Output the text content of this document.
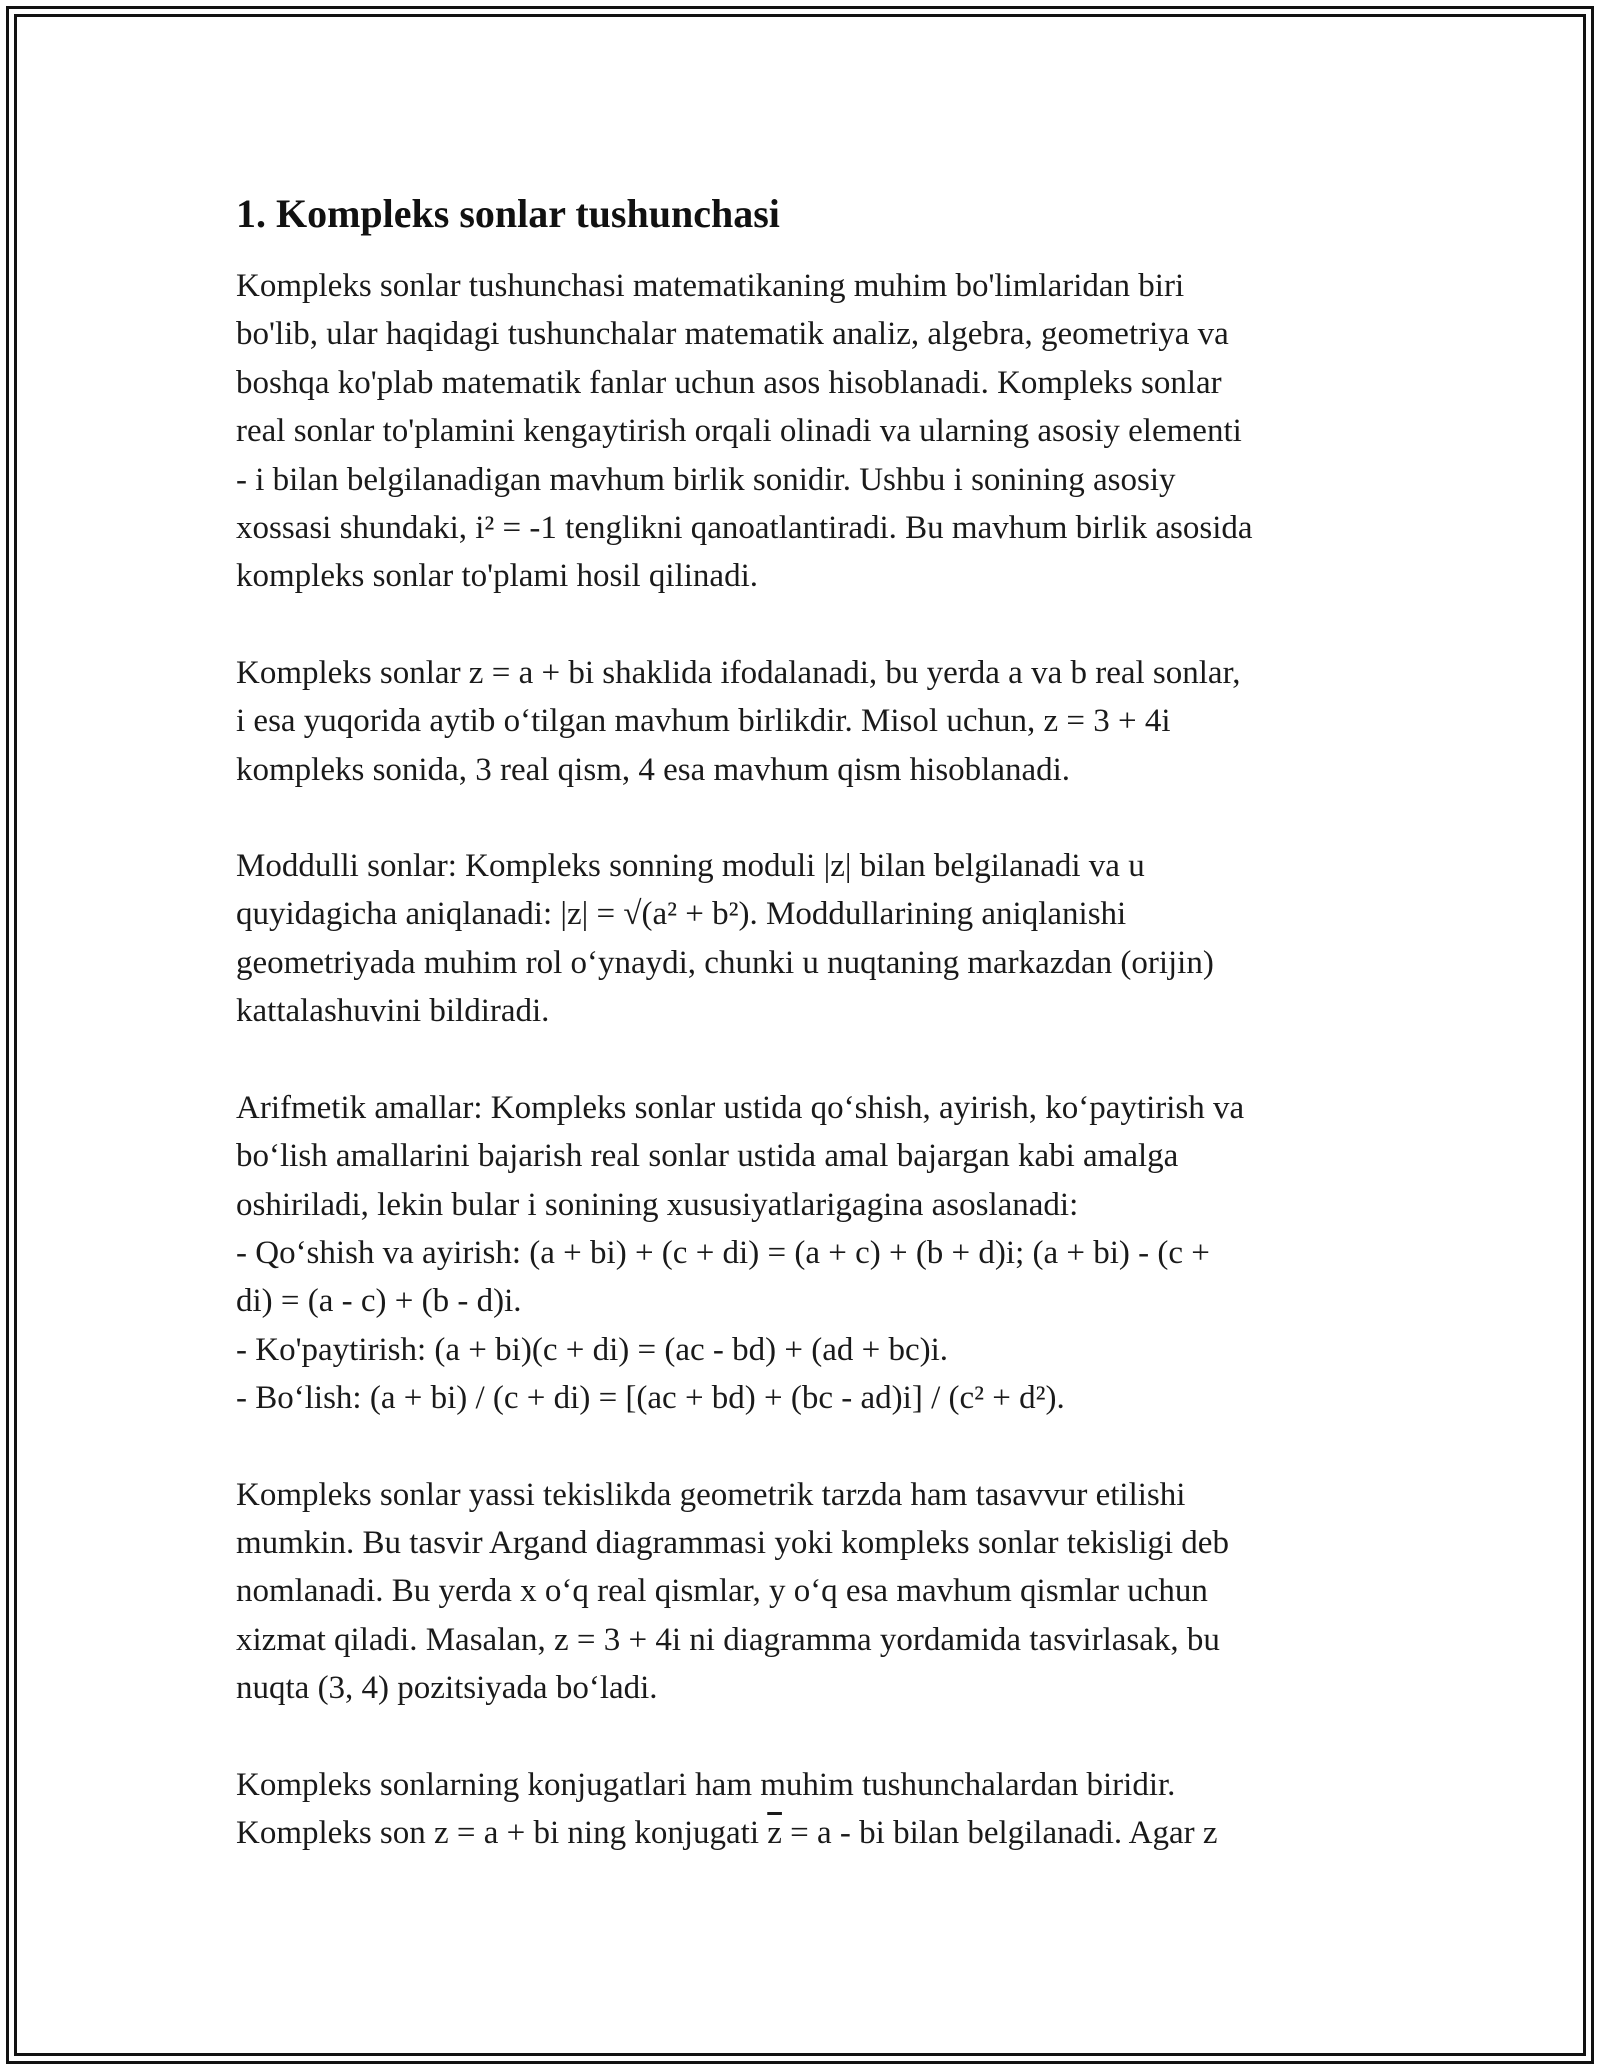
1. Kompleks sonlar tushunchasi

Kompleks sonlar tushunchasi matematikaning muhim bo'limlaridan biri
bo'lib, ular haqidagi tushunchalar matematik analiz, algebra, geometriya va
boshqa ko'plab matematik fanlar uchun asos hisoblanadi. Kompleks sonlar
real sonlar to'plamini kengaytirish orqali olinadi va ularning asosiy elementi
- i bilan belgilanadigan mavhum birlik sonidir. Ushbu i sonining asosiy
xossasi shundaki, i² = -1 tenglikni qanoatlantiradi. Bu mavhum birlik asosida
kompleks sonlar to'plami hosil qilinadi.

Kompleks sonlar z = a + bi shaklida ifodalanadi, bu yerda a va b real sonlar,
i esa yuqorida aytib o‘tilgan mavhum birlikdir. Misol uchun, z = 3 + 4i
kompleks sonida, 3 real qism, 4 esa mavhum qism hisoblanadi.

Moddulli sonlar: Kompleks sonning moduli |z| bilan belgilanadi va u
quyidagicha aniqlanadi: |z| = √(a² + b²). Moddullarining aniqlanishi
geometriyada muhim rol o‘ynaydi, chunki u nuqtaning markazdan (orijin)
kattalashuvini bildiradi.

Arifmetik amallar: Kompleks sonlar ustida qo‘shish, ayirish, ko‘paytirish va
bo‘lish amallarini bajarish real sonlar ustida amal bajargan kabi amalga
oshiriladi, lekin bular i sonining xususiyatlarigagina asoslanadi:
- Qo‘shish va ayirish: (a + bi) + (c + di) = (a + c) + (b + d)i; (a + bi) - (c +
di) = (a - c) + (b - d)i.
- Ko'paytirish: (a + bi)(c + di) = (ac - bd) + (ad + bc)i.
- Bo‘lish: (a + bi) / (c + di) = [(ac + bd) + (bc - ad)i] / (c² + d²).

Kompleks sonlar yassi tekislikda geometrik tarzda ham tasavvur etilishi
mumkin. Bu tasvir Argand diagrammasi yoki kompleks sonlar tekisligi deb
nomlanadi. Bu yerda x o‘q real qismlar, y o‘q esa mavhum qismlar uchun
xizmat qiladi. Masalan, z = 3 + 4i ni diagramma yordamida tasvirlasak, bu
nuqta (3, 4) pozitsiyada bo‘ladi.

Kompleks sonlarning konjugatlari ham muhim tushunchalardan biridir.
Kompleks son z = a + bi ning konjugati $\overline{z} = a$ - bi bilan belgilanadi. Agar z
